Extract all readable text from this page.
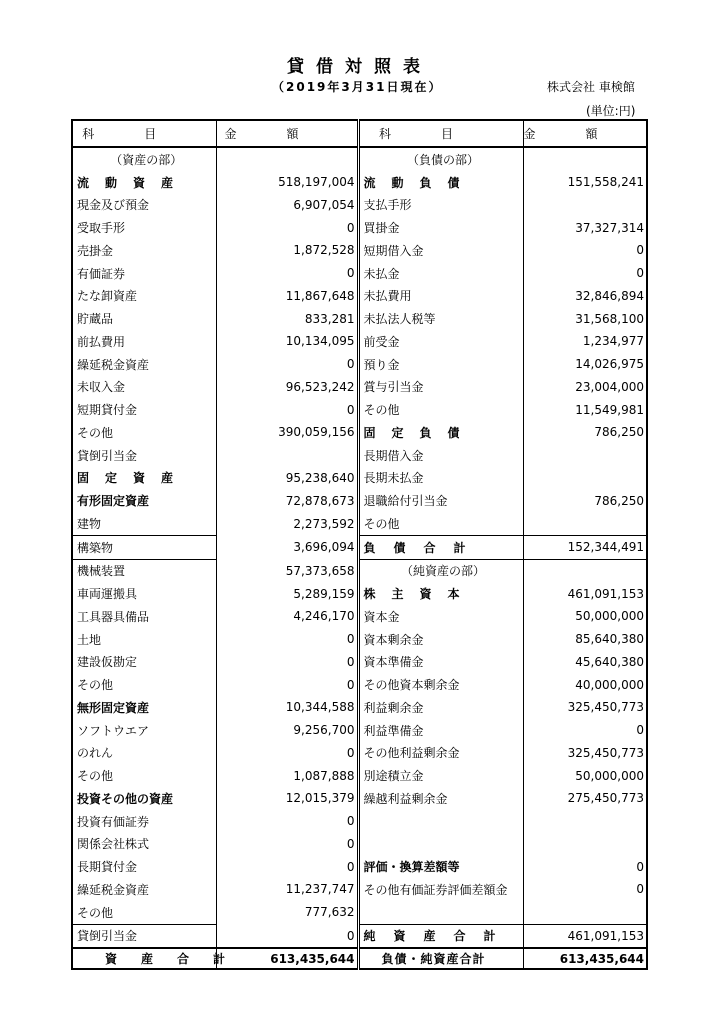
貸借対照表
（2019年3月31日現在）	株式会社 車検館
(単位:円)
科目	金額	科目	金額
（資産の部）		（負債の部）	
流動資産	518,197,004	流動負債	151,558,241
現金及び預金	6,907,054	支払手形	
受取手形	0	買掛金	37,327,314
売掛金	1,872,528	短期借入金	0
有価証券	0	未払金	0
たな卸資産	11,867,648	未払費用	32,846,894
貯蔵品	833,281	未払法人税等	31,568,100
前払費用	10,134,095	前受金	1,234,977
繰延税金資産	0	預り金	14,026,975
未収入金	96,523,242	賞与引当金	23,004,000
短期貸付金	0	その他	11,549,981
その他	390,059,156	固定負債	786,250
貸倒引当金		長期借入金	
固定資産	95,238,640	長期未払金	
有形固定資産	72,878,673	退職給付引当金	786,250
建物	2,273,592	その他	
構築物	3,696,094	負債合計	152,344,491
機械装置	57,373,658	（純資産の部）	
車両運搬具	5,289,159	株主資本	461,091,153
工具器具備品	4,246,170	資本金	50,000,000
土地	0	資本剰余金	85,640,380
建設仮勘定	0	資本準備金	45,640,380
その他	0	その他資本剰余金	40,000,000
無形固定資産	10,344,588	利益剰余金	325,450,773
ソフトウエア	9,256,700	利益準備金	0
のれん	0	その他利益剰余金	325,450,773
その他	1,087,888	別途積立金	50,000,000
投資その他の資産	12,015,379	繰越利益剰余金	275,450,773
投資有価証券	0		
関係会社株式	0		
長期貸付金	0	評価・換算差額等	0
繰延税金資産	11,237,747	その他有価証券評価差額金	0
その他	777,632		
貸倒引当金	0	純資産合計	461,091,153
資産合計	613,435,644	負債・純資産合計	613,435,644
